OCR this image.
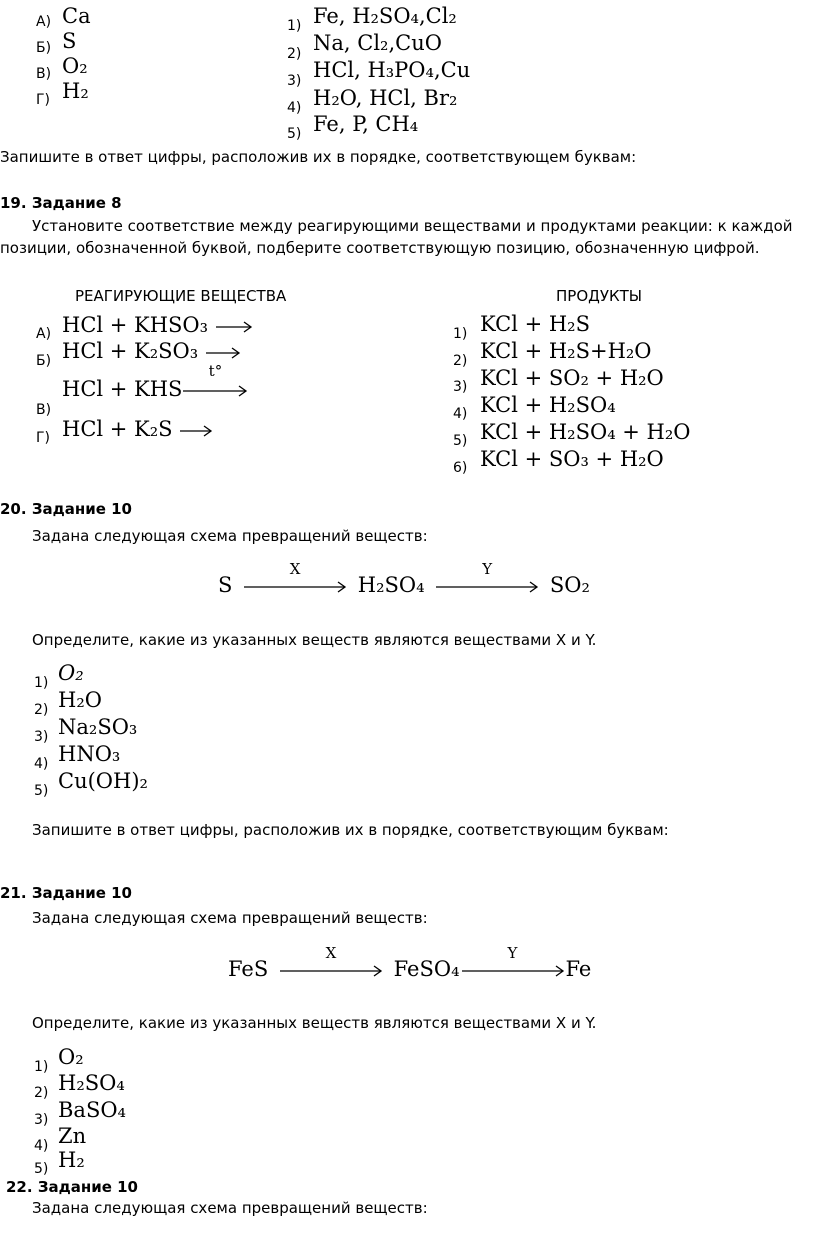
А) Ca
Б) S
В) O₂
Г) H₂
1) Fe, H₂SO₄,Cl₂
2) Na, Cl₂,CuO
3) HCl, H₃PO₄,Cu
4) H₂O, HCl, Br₂
5) Fe, P, CH₄
Запишите в ответ цифры, расположив их в порядке, соответствующем буквам:
19. Задание 8
Установите соответствие между реагирующими веществами и продуктами реакции: к каждой
позиции, обозначенной буквой, подберите соответствующую позицию, обозначенную цифрой.
РЕАГИРУЮЩИЕ ВЕЩЕСТВА	ПРОДУКТЫ
А) HCl + KHSO₃ →
Б) HCl + K₂SO₃ →
В)
HCl + KHS
t°
Г) HCl + K₂S →
1) KCl + H₂S
2) KCl + H₂S+H₂O
3) KCl + SO₂ + H₂O
4) KCl + H₂SO₄
5) KCl + H₂SO₄ + H₂O
6) KCl + SO₃ + H₂O
20. Задание 10
Задана следующая схема превращений веществ:
S
X
H₂SO₄
Y
SO₂
Определите, какие из указанных веществ являются веществами X и Y.
1) O₂
2) H₂O
3) Na₂SO₃
4) HNO₃
5) Cu(OH)₂
Запишите в ответ цифры, расположив их в порядке, соответствующим буквам:
21. Задание 10
Задана следующая схема превращений веществ:
FeS
X
FeSO₄
Y
Fe
Определите, какие из указанных веществ являются веществами X и Y.
1) O₂
2) H₂SO₄
3) BaSO₄
4) Zn
5) H₂
22. Задание 10
Задана следующая схема превращений веществ:
